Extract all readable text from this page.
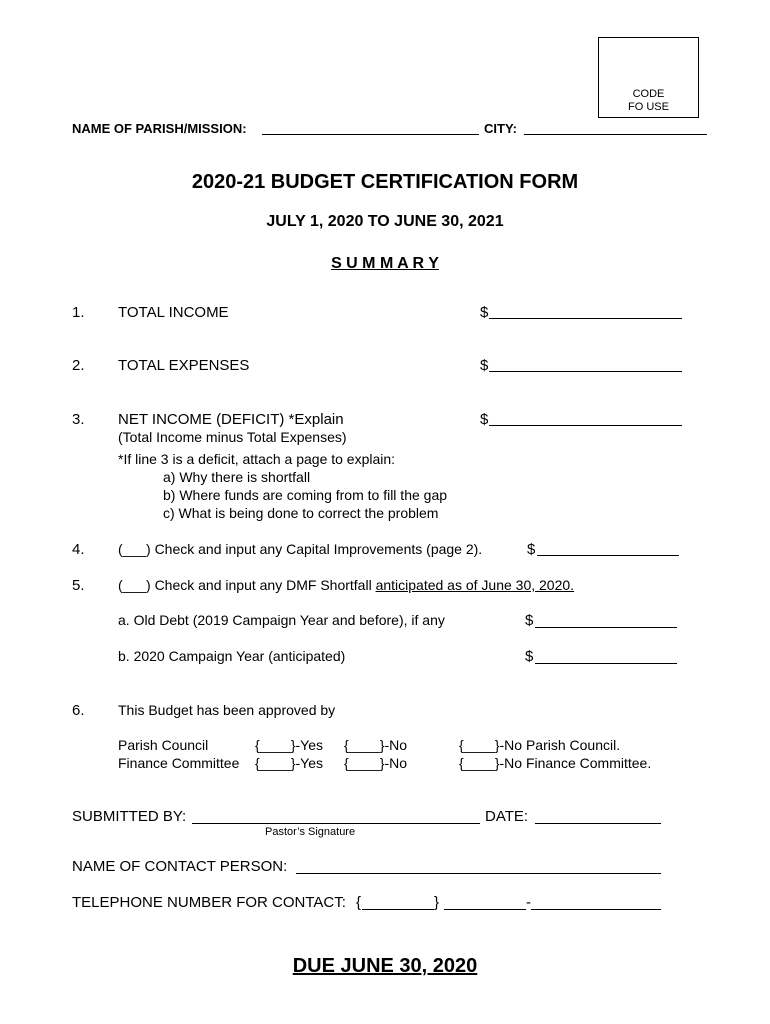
CODE
FO USE
NAME OF PARISH/MISSION:	CITY:
2020-21 BUDGET CERTIFICATION FORM
JULY 1, 2020 TO JUNE 30, 2021
S U M M A R Y
1. TOTAL INCOME	$
2. TOTAL EXPENSES	$
3. NET INCOME (DEFICIT) *Explain	$
(Total Income minus Total Expenses)
*If line 3 is a deficit, attach a page to explain:
a) Why there is shortfall
b) Where funds are coming from to fill the gap
c) What is being done to correct the problem
4. (___) Check and input any Capital Improvements (page 2).	$
5. (___) Check and input any DMF Shortfall anticipated as of June 30, 2020.
a. Old Debt (2019 Campaign Year and before), if any	$
b. 2020 Campaign Year (anticipated)	$
6. This Budget has been approved by
Parish Council	{____}-Yes {____}-No	{____}-No Parish Council.
Finance Committee {____}-Yes {____}-No	{____}-No Finance Committee.
SUBMITTED BY:	DATE:
Pastor’s Signature
NAME OF CONTACT PERSON:
TELEPHONE NUMBER FOR CONTACT: {	}	-
DUE JUNE 30, 2020
